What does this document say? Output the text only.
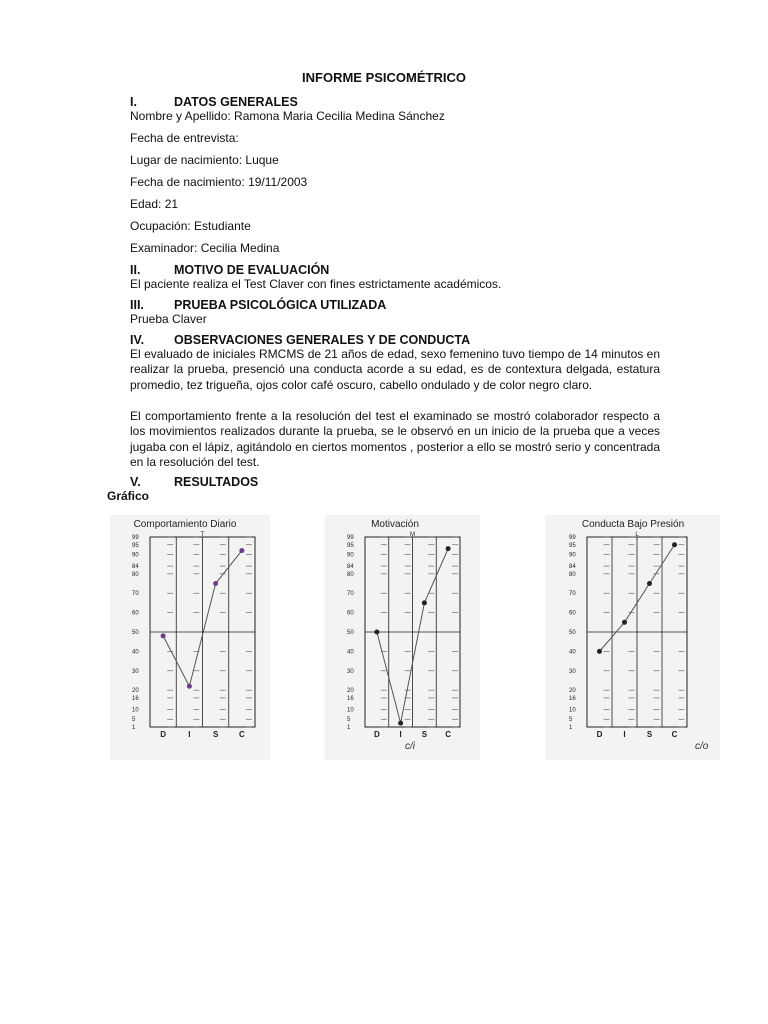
INFORME PSICOMÉTRICO
I.	DATOS GENERALES
Nombre y Apellido: Ramona Maria Cecilia Medina Sánchez
Fecha de entrevista:
Lugar de nacimiento: Luque
Fecha de nacimiento: 19/11/2003
Edad: 21
Ocupación: Estudiante
Examinador: Cecilia Medina
II.	MOTIVO DE EVALUACIÓN
El paciente realiza el Test Claver con fines estrictamente académicos.
III. PRUEBA PSICOLÓGICA UTILIZADA
Prueba Claver
IV. OBSERVACIONES GENERALES Y DE CONDUCTA

El evaluado de iniciales RMCMS de 21 años de edad, sexo femenino tuvo tiempo de 14 minutos en realizar la prueba, presenció una conducta acorde a su edad, es de contextura delgada, estatura promedio, tez trigueña, ojos color café oscuro, cabello ondulado y de color negro claro.

El comportamiento frente a la resolución del test el examinado se mostró colaborador respecto a los movimientos realizados durante la prueba, se le observó en un inicio de la prueba que a veces jugaba con el lápiz, agitándolo en ciertos momentos , posterior a ello se mostró serio y concentrada en la resolución del test.

V.	RESULTADOS
Gráfico
Comportamiento Diario
T
99
95
90
84
80
70
60
50
40
30
20
16
10
5
1
D	I	S	C
Motivación
M
99
95
90
84
80
70
60
50
40
30
20
16
10
5
1
D I S C
c/i
Conducta Bajo Presión
L
99
95
90
84
80
70
60
50
40
30
20
16
10
5
1
D	I	S C
c/o
